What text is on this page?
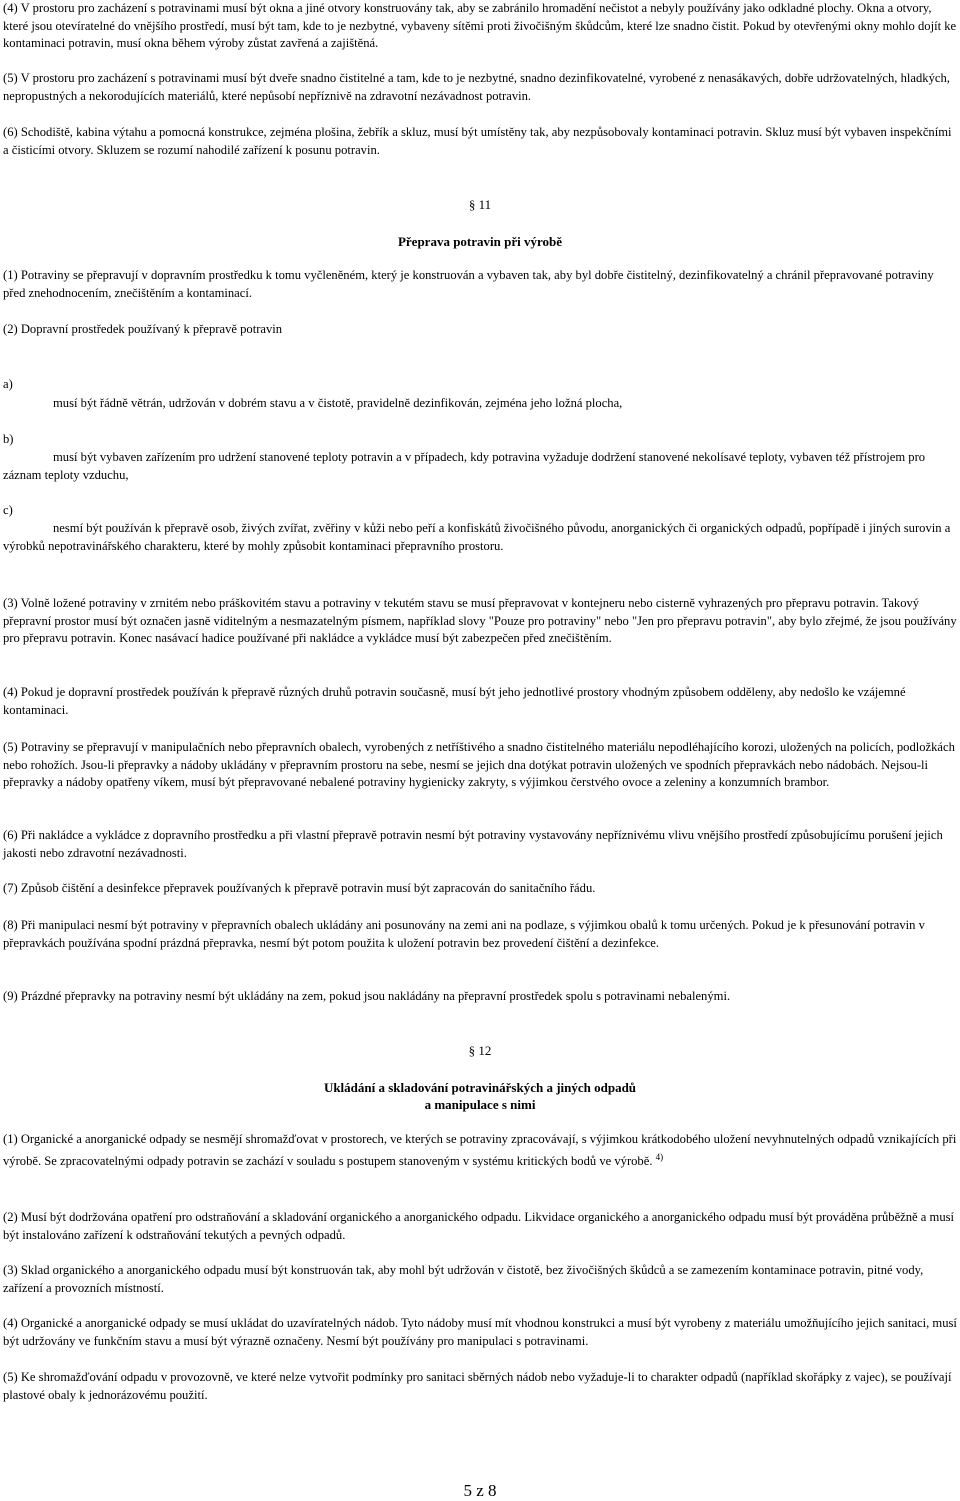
(4) V prostoru pro zacházení s potravinami musí být okna a jiné otvory konstruovány tak, aby se zabránilo hromadění nečistot a nebyly používány jako odkladné plochy. Okna a otvory, které jsou otevíratelné do vnějšího prostředí, musí být tam, kde to je nezbytné, vybaveny sítěmi proti živočišným škůdcům, které lze snadno čistit. Pokud by otevřenými okny mohlo dojít ke kontaminaci potravin, musí okna během výroby zůstat zavřená a zajištěná.

(5) V prostoru pro zacházení s potravinami musí být dveře snadno čistitelné a tam, kde to je nezbytné, snadno dezinfikovatelné, vyrobené z nenasákavých, dobře udržovatelných, hladkých, nepropustných a nekorodujících materiálů, které nepůsobí nepříznivě na zdravotní nezávadnost potravin.

(6) Schodiště, kabina výtahu a pomocná konstrukce, zejména plošina, žebřík a skluz, musí být umístěny tak, aby nezpůsobovaly kontaminaci potravin. Skluz musí být vybaven inspekčními a čisticími otvory. Skluzem se rozumí nahodilé zařízení k posunu potravin.

§ 11
Přeprava potravin při výrobě

(1) Potraviny se přepravují v dopravním prostředku k tomu vyčleněném, který je konstruován a vybaven tak, aby byl dobře čistitelný, dezinfikovatelný a chránil přepravované potraviny před znehodnocením, znečištěním a kontaminací.

(2) Dopravní prostředek používaný k přepravě potravin

a)

musí být řádně větrán, udržován v dobrém stavu a v čistotě, pravidelně dezinfikován, zejména jeho ložná plocha,

b)

musí být vybaven zařízením pro udržení stanovené teploty potravin a v případech, kdy potravina vyžaduje dodržení stanovené nekolísavé teploty, vybaven též přístrojem pro záznam teploty vzduchu,

c)

nesmí být používán k přepravě osob, živých zvířat, zvěřiny v kůži nebo peří a konfiskátů živočišného původu, anorganických či organických odpadů, popřípadě i jiných surovin a výrobků nepotravinářského charakteru, které by mohly způsobit kontaminaci přepravního prostoru.

(3) Volně ložené potraviny v zrnitém nebo práškovitém stavu a potraviny v tekutém stavu se musí přepravovat v kontejneru nebo cisterně vyhrazených pro přepravu potravin. Takový přepravní prostor musí být označen jasně viditelným a nesmazatelným písmem, například slovy "Pouze pro potraviny" nebo "Jen pro přepravu potravin", aby bylo zřejmé, že jsou používány pro přepravu potravin. Konec nasávací hadice používané při nakládce a vykládce musí být zabezpečen před znečištěním.

(4) Pokud je dopravní prostředek používán k přepravě různých druhů potravin současně, musí být jeho jednotlivé prostory vhodným způsobem odděleny, aby nedošlo ke vzájemné kontaminaci.

(5) Potraviny se přepravují v manipulačních nebo přepravních obalech, vyrobených z netříštivého a snadno čistitelného materiálu nepodléhajícího korozi, uložených na policích, podložkách nebo rohožích. Jsou-li přepravky a nádoby ukládány v přepravním prostoru na sebe, nesmí se jejich dna dotýkat potravin uložených ve spodních přepravkách nebo nádobách. Nejsou-li přepravky a nádoby opatřeny víkem, musí být přepravované nebalené potraviny hygienicky zakryty, s výjimkou čerstvého ovoce a zeleniny a konzumních brambor.

(6) Při nakládce a vykládce z dopravního prostředku a při vlastní přepravě potravin nesmí být potraviny vystavovány nepříznivému vlivu vnějšího prostředí způsobujícímu porušení jejich jakosti nebo zdravotní nezávadnosti.

(7) Způsob čištění a desinfekce přepravek používaných k přepravě potravin musí být zapracován do sanitačního řádu.

(8) Při manipulaci nesmí být potraviny v přepravních obalech ukládány ani posunovány na zemi ani na podlaze, s výjimkou obalů k tomu určených. Pokud je k přesunování potravin v přepravkách používána spodní prázdná přepravka, nesmí být potom použita k uložení potravin bez provedení čištění a dezinfekce.

(9) Prázdné přepravky na potraviny nesmí být ukládány na zem, pokud jsou nakládány na přepravní prostředek spolu s potravinami nebalenými.

§ 12
Ukládání a skladování potravinářských a jiných odpadů
a manipulace s nimi

(1) Organické a anorganické odpady se nesmějí shromažďovat v prostorech, ve kterých se potraviny zpracovávají, s výjimkou krátkodobého uložení nevyhnutelných odpadů vznikajících při výrobě. Se zpracovatelnými odpady potravin se zachází v souladu s postupem stanoveným v systému kritických bodů ve výrobě. $^{4)}$

(2) Musí být dodržována opatření pro odstraňování a skladování organického a anorganického odpadu. Likvidace organického a anorganického odpadu musí být prováděna průběžně a musí být instalováno zařízení k odstraňování tekutých a pevných odpadů.

(3) Sklad organického a anorganického odpadu musí být konstruován tak, aby mohl být udržován v čistotě, bez živočišných škůdců a se zamezením kontaminace potravin, pitné vody, zařízení a provozních místností.

(4) Organické a anorganické odpady se musí ukládat do uzavíratelných nádob. Tyto nádoby musí mít vhodnou konstrukci a musí být vyrobeny z materiálu umožňujícího jejich sanitaci, musí být udržovány ve funkčním stavu a musí být výrazně označeny. Nesmí být používány pro manipulaci s potravinami.

(5) Ke shromažďování odpadu v provozovně, ve které nelze vytvořit podmínky pro sanitaci sběrných nádob nebo vyžaduje-li to charakter odpadů (například skořápky z vajec), se používají plastové obaly k jednorázovému použití.

5 z 8
